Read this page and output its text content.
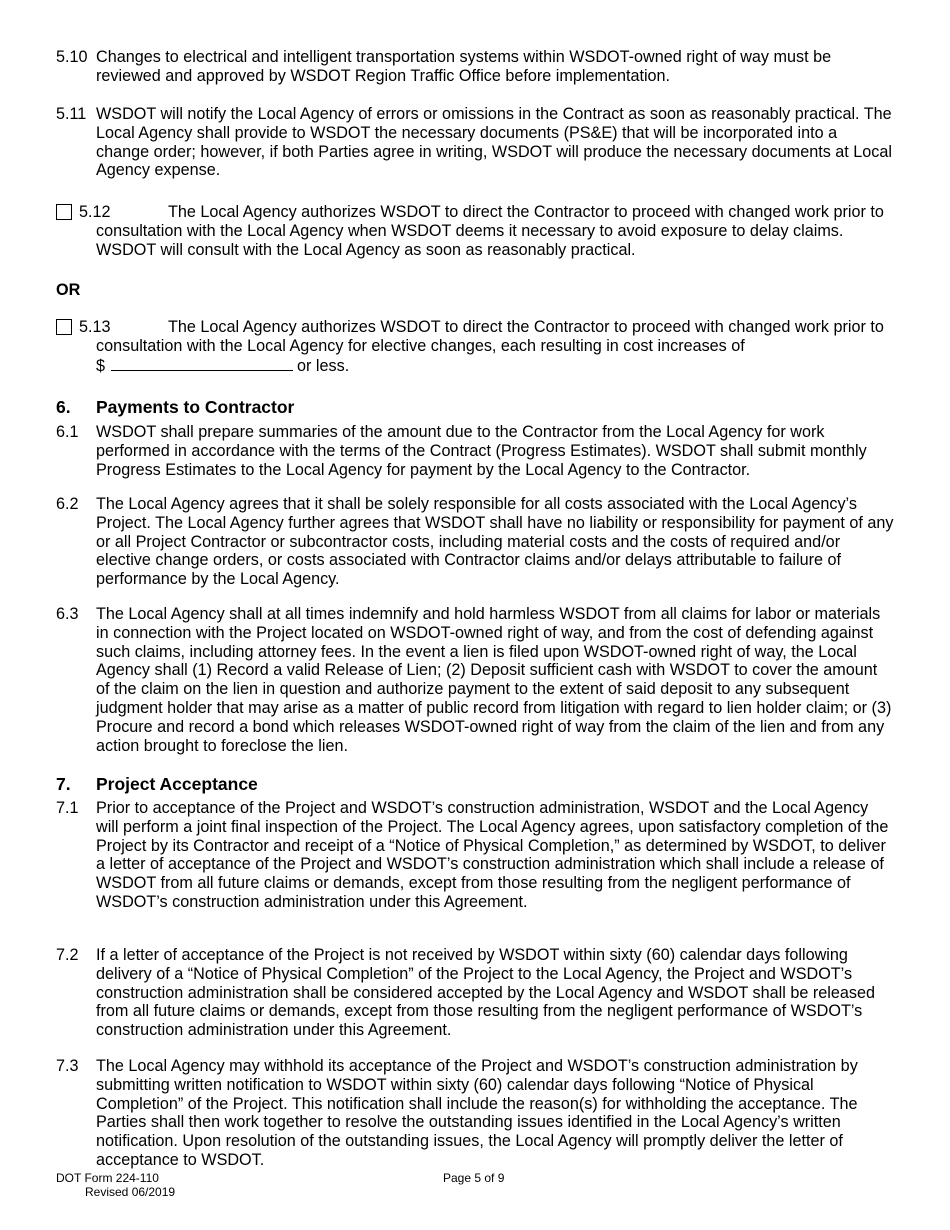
5.10 Changes to electrical and intelligent transportation systems within WSDOT-owned right of way must be reviewed and approved by WSDOT Region Traffic Office before implementation.
5.11 WSDOT will notify the Local Agency of errors or omissions in the Contract as soon as reasonably practical. The Local Agency shall provide to WSDOT the necessary documents (PS&E) that will be incorporated into a change order; however, if both Parties agree in writing, WSDOT will produce the necessary documents at Local Agency expense.
5.12	The Local Agency authorizes WSDOT to direct the Contractor to proceed with changed work prior to consultation with the Local Agency when WSDOT deems it necessary to avoid exposure to delay claims. WSDOT will consult with the Local Agency as soon as reasonably practical.
OR
5.13	The Local Agency authorizes WSDOT to direct the Contractor to proceed with changed work prior to consultation with the Local Agency for elective changes, each resulting in cost increases of
$	or less.
6. Payments to Contractor
6.1 WSDOT shall prepare summaries of the amount due to the Contractor from the Local Agency for work performed in accordance with the terms of the Contract (Progress Estimates). WSDOT shall submit monthly Progress Estimates to the Local Agency for payment by the Local Agency to the Contractor.
6.2 The Local Agency agrees that it shall be solely responsible for all costs associated with the Local Agency’s Project. The Local Agency further agrees that WSDOT shall have no liability or responsibility for payment of any or all Project Contractor or subcontractor costs, including material costs and the costs of required and/or elective change orders, or costs associated with Contractor claims and/or delays attributable to failure of performance by the Local Agency.
6.3 The Local Agency shall at all times indemnify and hold harmless WSDOT from all claims for labor or materials in connection with the Project located on WSDOT-owned right of way, and from the cost of defending against such claims, including attorney fees. In the event a lien is filed upon WSDOT-owned right of way, the Local Agency shall (1) Record a valid Release of Lien; (2) Deposit sufficient cash with WSDOT to cover the amount of the claim on the lien in question and authorize payment to the extent of said deposit to any subsequent judgment holder that may arise as a matter of public record from litigation with regard to lien holder claim; or (3) Procure and record a bond which releases WSDOT-owned right of way from the claim of the lien and from any action brought to foreclose the lien.
7. Project Acceptance
7.1 Prior to acceptance of the Project and WSDOT’s construction administration, WSDOT and the Local Agency will perform a joint final inspection of the Project. The Local Agency agrees, upon satisfactory completion of the Project by its Contractor and receipt of a “Notice of Physical Completion,” as determined by WSDOT, to deliver a letter of acceptance of the Project and WSDOT’s construction administration which shall include a release of WSDOT from all future claims or demands, except from those resulting from the negligent performance of WSDOT’s construction administration under this Agreement.
7.2 If a letter of acceptance of the Project is not received by WSDOT within sixty (60) calendar days following delivery of a “Notice of Physical Completion” of the Project to the Local Agency, the Project and WSDOT’s construction administration shall be considered accepted by the Local Agency and WSDOT shall be released from all future claims or demands, except from those resulting from the negligent performance of WSDOT’s construction administration under this Agreement.
7.3 The Local Agency may withhold its acceptance of the Project and WSDOT’s construction administration by submitting written notification to WSDOT within sixty (60) calendar days following “Notice of Physical Completion” of the Project. This notification shall include the reason(s) for withholding the acceptance. The Parties shall then work together to resolve the outstanding issues identified in the Local Agency’s written notification. Upon resolution of the outstanding issues, the Local Agency will promptly deliver the letter of acceptance to WSDOT.
DOT Form 224-110
Revised 06/2019
Page 5 of 9
